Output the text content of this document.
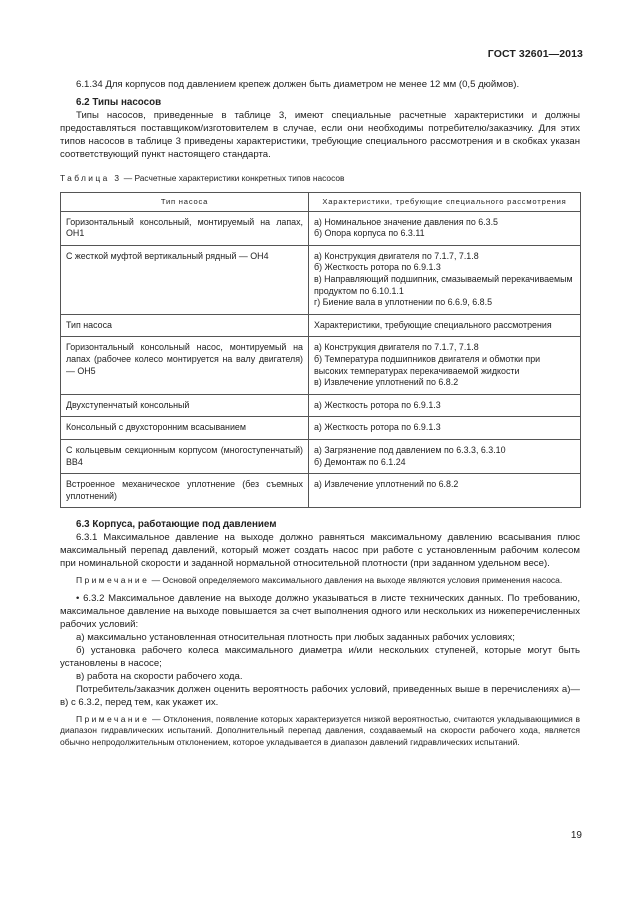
ГОСТ 32601—2013

6.1.34 Для корпусов под давлением крепеж должен быть диаметром не менее 12 мм (0,5 дюймов).

6.2 Типы насосов

Типы насосов, приведенные в таблице 3, имеют специальные расчетные характеристики и должны предоставляться поставщиком/изготовителем в случае, если они необходимы потребителю/заказчику. Для этих типов насосов в таблице 3 приведены характеристики, требующие специального рассмотрения и в скобках указан соответствующий пункт настоящего стандарта.

Таблица 3 — Расчетные характеристики конкретных типов насосов
Тип насоса	Характеристики, требующие специального рассмотрения
Горизонтальный консольный, монтируемый на лапах, OH1	а) Номинальное значение давления по 6.3.5
б) Опора корпуса по 6.3.11

С жесткой муфтой вертикальный рядный — OH4	а) Конструкция двигателя по 7.1.7, 7.1.8
б) Жесткость ротора по 6.9.1.3
в) Направляющий подшипник, смазываемый перекачиваемым продуктом по 6.10.1.1
г) Биение вала в уплотнении по 6.6.9, 6.8.5

Тип насоса	Характеристики, требующие специального рассмотрения

Горизонтальный консольный насос, монтируемый на лапах (рабочее колесо монтируется на валу двигателя) — OH5	а) Конструкция двигателя по 7.1.7, 7.1.8
б) Температура подшипников двигателя и обмотки при высоких температурах перекачиваемой жидкости
в) Извлечение уплотнений по 6.8.2

Двухступенчатый консольный	а) Жесткость ротора по 6.9.1.3

Консольный с двухсторонним всасыванием	а) Жесткость ротора по 6.9.1.3

С кольцевым секционным корпусом (многоступенчатый) BB4	а) Загрязнение под давлением по 6.3.3, 6.3.10
б) Демонтаж по 6.1.24

Встроенное механическое уплотнение (без съемных уплотнений)	а) Извлечение уплотнений по 6.8.2
6.3 Корпуса, работающие под давлением

6.3.1 Максимальное давление на выходе должно равняться максимальному давлению всасывания плюс максимальный перепад давлений, который может создать насос при работе с установленным рабочим колесом при номинальной скорости и заданной нормальной относительной плотности (при заданном удельном весе).

Примечание — Основой определяемого максимального давления на выходе являются условия применения насоса.

• 6.3.2 Максимальное давление на выходе должно указываться в листе технических данных. По требованию, максимальное давление на выходе повышается за счет выполнения одного или нескольких из нижеперечисленных рабочих условий:

а) максимально установленная относительная плотность при любых заданных рабочих условиях;

б) установка рабочего колеса максимального диаметра и/или нескольких ступеней, которые могут быть установлены в насосе;

в) работа на скорости рабочего хода.

Потребитель/заказчик должен оценить вероятность рабочих условий, приведенных выше в перечислениях а)—в) с 6.3.2, перед тем, как укажет их.

Примечание — Отклонения, появление которых характеризуется низкой вероятностью, считаются укладывающимися в диапазон гидравлических испытаний. Дополнительный перепад давления, создаваемый на скорости рабочего хода, является обычно непродолжительным отклонением, которое укладывается в диапазон давлений гидравлических испытаний.

19
